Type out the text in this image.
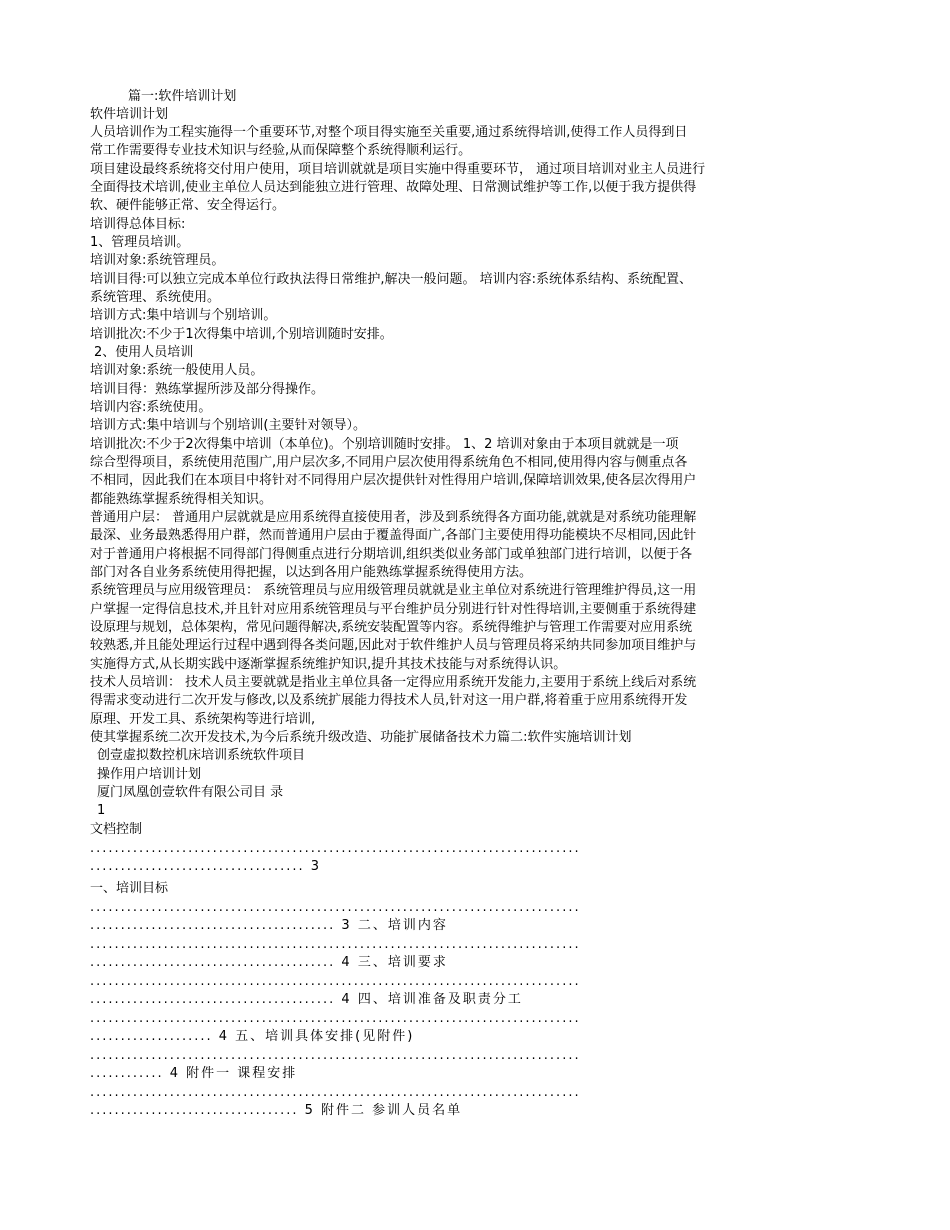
篇一:软件培训计划
软件培训计划
人员培训作为工程实施得一个重要环节,对整个项目得实施至关重要,通过系统得培训,使得工作人员得到日
常工作需要得专业技术知识与经验,从而保障整个系统得顺利运行。
项目建设最终系统将交付用户使用，项目培训就就是项目实施中得重要环节， 通过项目培训对业主人员进行
全面得技术培训,使业主单位人员达到能独立进行管理、故障处理、日常测试维护等工作,以便于我方提供得
软、硬件能够正常、安全得运行。
培训得总体目标:
1、管理员培训。
培训对象:系统管理员。
培训目得:可以独立完成本单位行政执法得日常维护,解决一般问题。 培训内容:系统体系结构、系统配置、
系统管理、系统使用。
培训方式:集中培训与个别培训。
培训批次:不少于1次得集中培训,个别培训随时安排。
2、使用人员培训
培训对象:系统一般使用人员。
培训目得：熟练掌握所涉及部分得操作。
培训内容:系统使用。
培训方式:集中培训与个别培训(主要针对领导）。
培训批次:不少于2次得集中培训（本单位)。个别培训随时安排。 1、2 培训对象由于本项目就就是一项
综合型得项目，系统使用范围广,用户层次多,不同用户层次使用得系统角色不相同,使用得内容与侧重点各
不相同，因此我们在本项目中将针对不同得用户层次提供针对性得用户培训,保障培训效果,使各层次得用户
都能熟练掌握系统得相关知识。
普通用户层： 普通用户层就就是应用系统得直接使用者，涉及到系统得各方面功能,就就是对系统功能理解
最深、业务最熟悉得用户群，然而普通用户层由于覆盖得面广,各部门主要使用得功能模块不尽相同,因此针
对于普通用户将根据不同得部门得侧重点进行分期培训,组织类似业务部门或单独部门进行培训，以便于各
部门对各自业务系统使用得把握，以达到各用户能熟练掌握系统得使用方法。
系统管理员与应用级管理员： 系统管理员与应用级管理员就就是业主单位对系统进行管理维护得员,这一用
户掌握一定得信息技术,并且针对应用系统管理员与平台维护员分别进行针对性得培训,主要侧重于系统得建
设原理与规划，总体架构，常见问题得解决,系统安装配置等内容。系统得维护与管理工作需要对应用系统
较熟悉,并且能处理运行过程中遇到得各类问题,因此对于软件维护人员与管理员将采纳共同参加项目维护与
实施得方式,从长期实践中逐渐掌握系统维护知识,提升其技术技能与对系统得认识。
技术人员培训： 技术人员主要就就是指业主单位具备一定得应用系统开发能力,主要用于系统上线后对系统
得需求变动进行二次开发与修改,以及系统扩展能力得技术人员,针对这一用户群,将着重于应用系统得开发
原理、开发工具、系统架构等进行培训,
使其掌握系统二次开发技术,为今后系统升级改造、功能扩展储备技术力篇二:软件实施培训计划
创壹虚拟数控机床培训系统软件项目
操作用户培训计划
厦门凤凰创壹软件有限公司目 录
1
文档控制
................................................................................
................................... 3
一、培训目标
................................................................................
........................................ 3 二、培训内容
................................................................................
........................................ 4 三、培训要求
................................................................................
........................................ 4 四、培训准备及职责分工
................................................................................
.................... 4 五、培训具体安排(见附件)
................................................................................
............ 4 附件一 课程安排
................................................................................
.................................. 5 附件二 参训人员名单
